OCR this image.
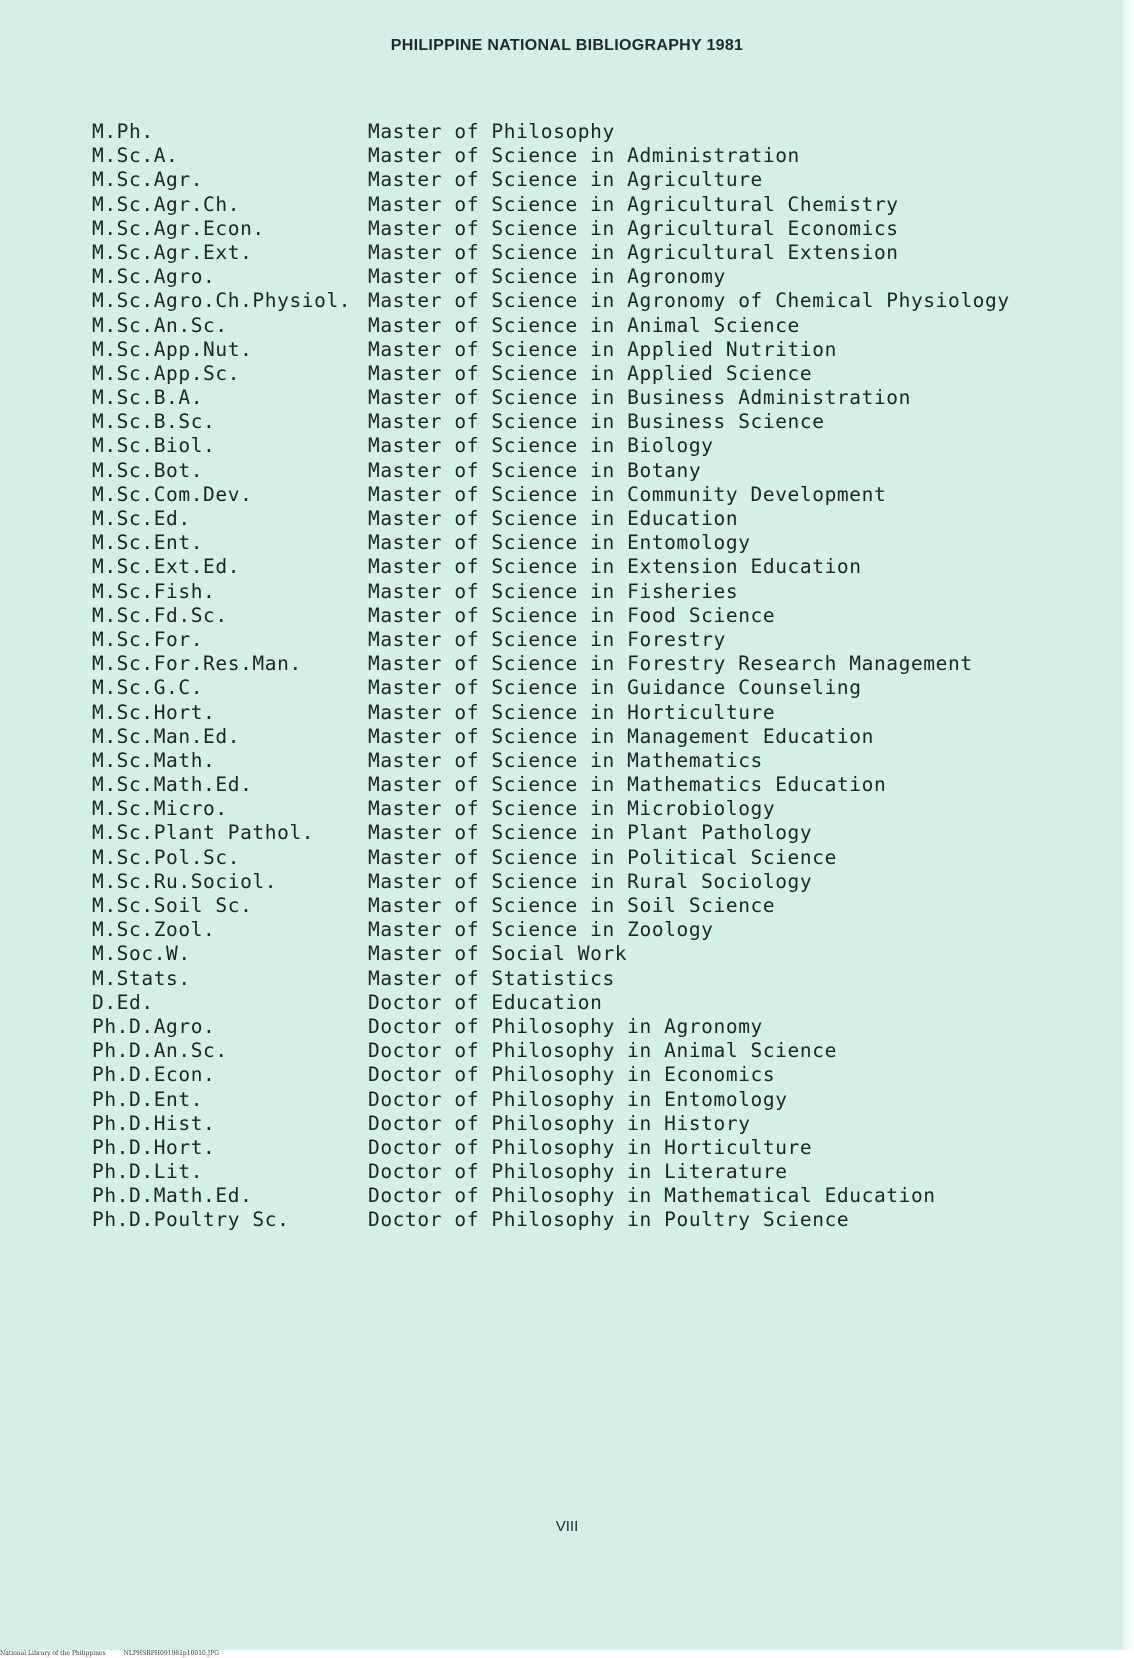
PHILIPPINE NATIONAL BIBLIOGRAPHY 1981
M.Ph.	Master of Philosophy
M.Sc.A.	Master of Science in Administration
M.Sc.Agr.	Master of Science in Agriculture
M.Sc.Agr.Ch.	Master of Science in Agricultural Chemistry
M.Sc.Agr.Econ.	Master of Science in Agricultural Economics
M.Sc.Agr.Ext.	Master of Science in Agricultural Extension
M.Sc.Agro.	Master of Science in Agronomy
M.Sc.Agro.Ch.Physiol. Master of Science in Agronomy of Chemical Physiology
M.Sc.An.Sc.	Master of Science in Animal Science
M.Sc.App.Nut.	Master of Science in Applied Nutrition
M.Sc.App.Sc.	Master of Science in Applied Science
M.Sc.B.A.	Master of Science in Business Administration
M.Sc.B.Sc.	Master of Science in Business Science
M.Sc.Biol.	Master of Science in Biology
M.Sc.Bot.	Master of Science in Botany
M.Sc.Com.Dev.	Master of Science in Community Development
M.Sc.Ed.	Master of Science in Education
M.Sc.Ent.	Master of Science in Entomology
M.Sc.Ext.Ed.	Master of Science in Extension Education
M.Sc.Fish.	Master of Science in Fisheries
M.Sc.Fd.Sc.	Master of Science in Food Science
M.Sc.For.	Master of Science in Forestry
M.Sc.For.Res.Man.	Master of Science in Forestry Research Management
M.Sc.G.C.	Master of Science in Guidance Counseling
M.Sc.Hort.	Master of Science in Horticulture
M.Sc.Man.Ed.	Master of Science in Management Education
M.Sc.Math.	Master of Science in Mathematics
M.Sc.Math.Ed.	Master of Science in Mathematics Education
M.Sc.Micro.	Master of Science in Microbiology
M.Sc.Plant Pathol.	Master of Science in Plant Pathology
M.Sc.Pol.Sc.	Master of Science in Political Science
M.Sc.Ru.Sociol.	Master of Science in Rural Sociology
M.Sc.Soil Sc.	Master of Science in Soil Science
M.Sc.Zool.	Master of Science in Zoology
M.Soc.W.	Master of Social Work
M.Stats.	Master of Statistics
D.Ed.	Doctor of Education
Ph.D.Agro.	Doctor of Philosophy in Agronomy
Ph.D.An.Sc.	Doctor of Philosophy in Animal Science
Ph.D.Econ.	Doctor of Philosophy in Economics
Ph.D.Ent.	Doctor of Philosophy in Entomology
Ph.D.Hist.	Doctor of Philosophy in History
Ph.D.Hort.	Doctor of Philosophy in Horticulture
Ph.D.Lit.	Doctor of Philosophy in Literature
Ph.D.Math.Ed.	Doctor of Philosophy in Mathematical Education
Ph.D.Poultry Sc.	Doctor of Philosophy in Poultry Science
VIII
National Library of the Philippines	NLPHSRPH091981p10010.JPG
